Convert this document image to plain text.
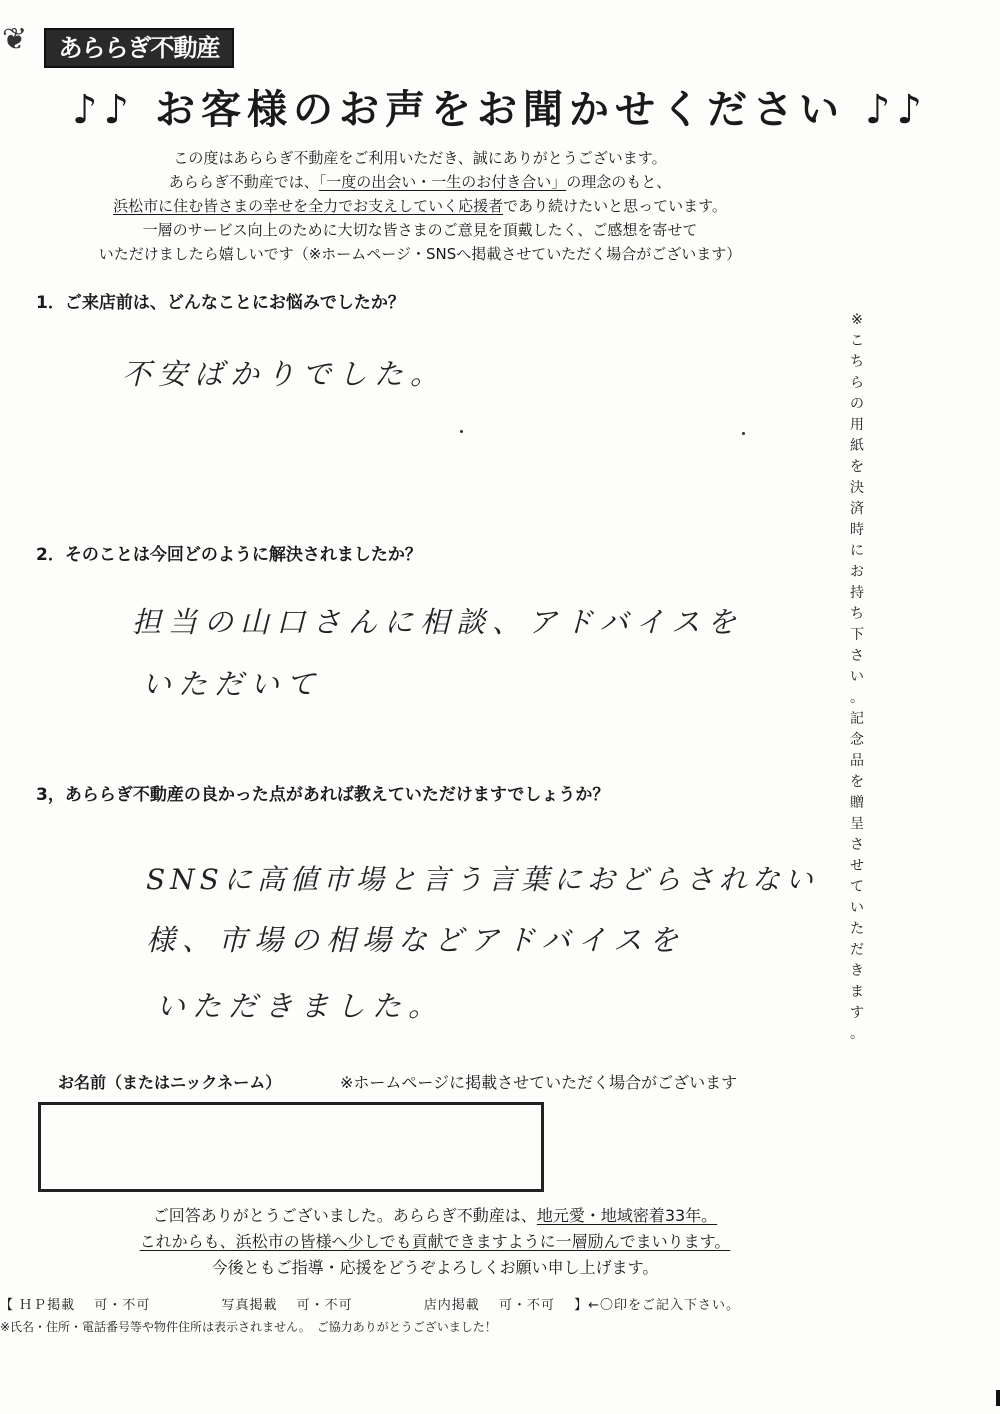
❦	あららぎ不動産
♪♪ お客様のお声をお聞かせください ♪♪
この度はあららぎ不動産をご利用いただき、誠にありがとうございます。
あららぎ不動産では、「一度の出会い・一生のお付き合い」の理念のもと、
浜松市に住む皆さまの幸せを全力でお支えしていく応援者であり続けたいと思っています。
一層のサービス向上のために大切な皆さまのご意見を頂戴したく、ご感想を寄せて
いただけましたら嬉しいです（※ホームページ・SNSへ掲載させていただく場合がございます）
1．ご来店前は、どんなことにお悩みでしたか？
不安ばかりでした。
2．そのことは今回どのように解決されましたか？
担当の山口さんに相談、アドバイスを
いただいて
3，あららぎ不動産の良かった点があれば教えていただけますでしょうか？
SNSに高値市場と言う言葉におどらされない
様、市場の相場などアドバイスを
いただきました。
※
こ
ち
ら
の
用
紙
を
決
済
時
に
お
持
ち
下
さ
い
。
記
念
品
を
贈
呈
さ
せ
て
い
た
だ
き
ま
す
。
お名前（またはニックネーム）	※ホームページに掲載させていただく場合がございます
ご回答ありがとうございました。あららぎ不動産は、地元愛・地域密着33年。
これからも、浜松市の皆様へ少しでも貢献できますように一層励んでまいります。
今後ともご指導・応援をどうぞよろしくお願い申し上げます。
【 ＨＰ掲載 可・不可	写真掲載 可・不可	店内掲載 可・不可 】←〇印をご記入下さい。
※氏名・住所・電話番号等や物件住所は表示されません。　ご協力ありがとうございました！
